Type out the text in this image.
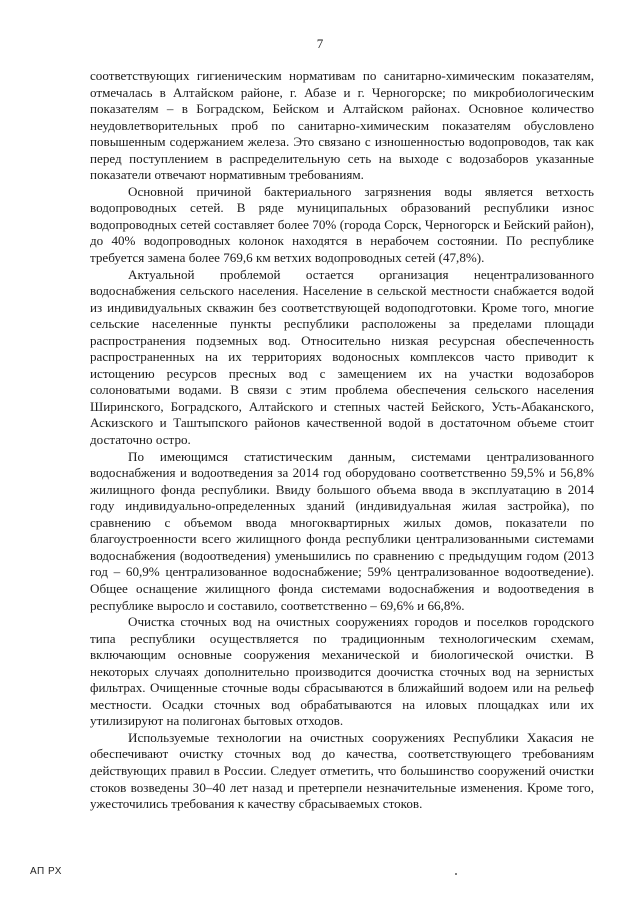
7

соответствующих гигиеническим нормативам по санитарно-химическим показателям, отмечалась в Алтайском районе, г. Абазе и г. Черногорске; по микробиологическим показателям – в Боградском, Бейском и Алтайском районах. Основное количество неудовлетворительных проб по санитарно-химическим показателям обусловлено повышенным содержанием железа. Это связано с изношенностью водопроводов, так как перед поступлением в распределительную сеть на выходе с водозаборов указанные показатели отвечают нормативным требованиям.

Основной причиной бактериального загрязнения воды является ветхость водопроводных сетей. В ряде муниципальных образований республики износ водопроводных сетей составляет более 70% (города Сорск, Черногорск и Бейский район), до 40% водопроводных колонок находятся в нерабочем состоянии. По республике требуется замена более 769,6 км ветхих водопроводных сетей (47,8%).

Актуальной проблемой остается организация нецентрализованного водоснабжения сельского населения. Население в сельской местности снабжается водой из индивидуальных скважин без соответствующей водоподготовки. Кроме того, многие сельские населенные пункты республики расположены за пределами площади распространения подземных вод. Относительно низкая ресурсная обеспеченность распространенных на их территориях водоносных комплексов часто приводит к истощению ресурсов пресных вод с замещением их на участки водозаборов солоноватыми водами. В связи с этим проблема обеспечения сельского населения Ширинского, Боградского, Алтайского и степных частей Бейского, Усть-Абаканского, Аскизского и Таштыпского районов качественной водой в достаточном объеме стоит достаточно остро.

По имеющимся статистическим данным, системами централизованного водоснабжения и водоотведения за 2014 год оборудовано соответственно 59,5% и 56,8% жилищного фонда республики. Ввиду большого объема ввода в эксплуатацию в 2014 году индивидуально-определенных зданий (индивидуальная жилая застройка), по сравнению с объемом ввода многоквартирных жилых домов, показатели по благоустроенности всего жилищного фонда республики централизованными системами водоснабжения (водоотведения) уменьшились по сравнению с предыдущим годом (2013 год – 60,9% централизованное водоснабжение; 59% централизованное водоотведение). Общее оснащение жилищного фонда системами водоснабжения и водоотведения в республике выросло и составило, соответственно – 69,6% и 66,8%.

Очистка сточных вод на очистных сооружениях городов и поселков городского типа республики осуществляется по традиционным технологическим схемам, включающим основные сооружения механической и биологической очистки. В некоторых случаях дополнительно производится доочистка сточных вод на зернистых фильтрах. Очищенные сточные воды сбрасываются в ближайший водоем или на рельеф местности. Осадки сточных вод обрабатываются на иловых площадках или их утилизируют на полигонах бытовых отходов.

Используемые технологии на очистных сооружениях Республики Хакасия не обеспечивают очистку сточных вод до качества, соответствующего требованиям действующих правил в России. Следует отметить, что большинство сооружений очистки стоков возведены 30–40 лет назад и претерпели незначительные изменения. Кроме того, ужесточились требования к качеству сбрасываемых стоков.

АП РХ
